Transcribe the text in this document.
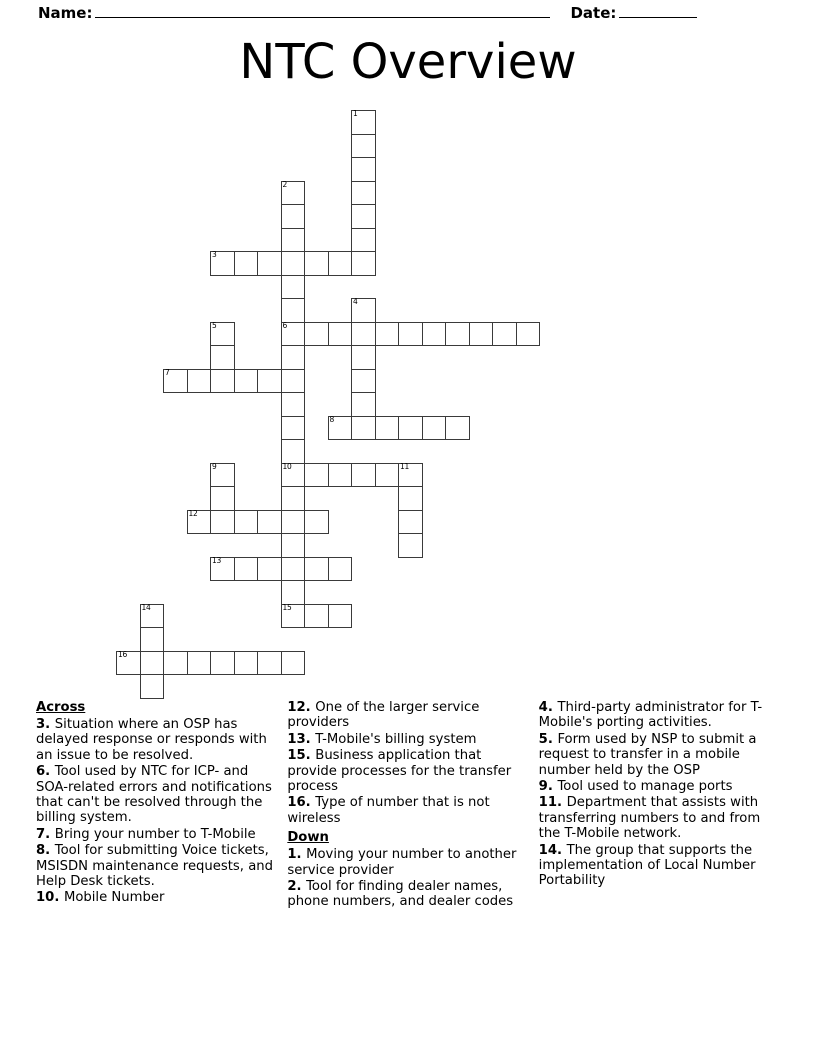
Name:	Date:
NTC Overview
1
2
3
4
5	6
7
8
9	10	11
12
13
14	15
16
Across
3. Situation where an OSP has delayed response or responds with an issue to be resolved.
6. Tool used by NTC for ICP- and SOA-related errors and notifications that can't be resolved through the billing system.
7. Bring your number to T-Mobile
8. Tool for submitting Voice tickets, MSISDN maintenance requests, and Help Desk tickets.
10. Mobile Number
12. One of the larger service providers
13. T-Mobile's billing system
15. Business application that provide processes for the transfer process
16. Type of number that is not wireless
Down
1. Moving your number to another service provider
2. Tool for finding dealer names, phone numbers, and dealer codes
4. Third-party administrator for T-Mobile's porting activities.
5. Form used by NSP to submit a request to transfer in a mobile number held by the OSP
9. Tool used to manage ports
11. Department that assists with transferring numbers to and from the T-Mobile network.
14. The group that supports the implementation of Local Number Portability
